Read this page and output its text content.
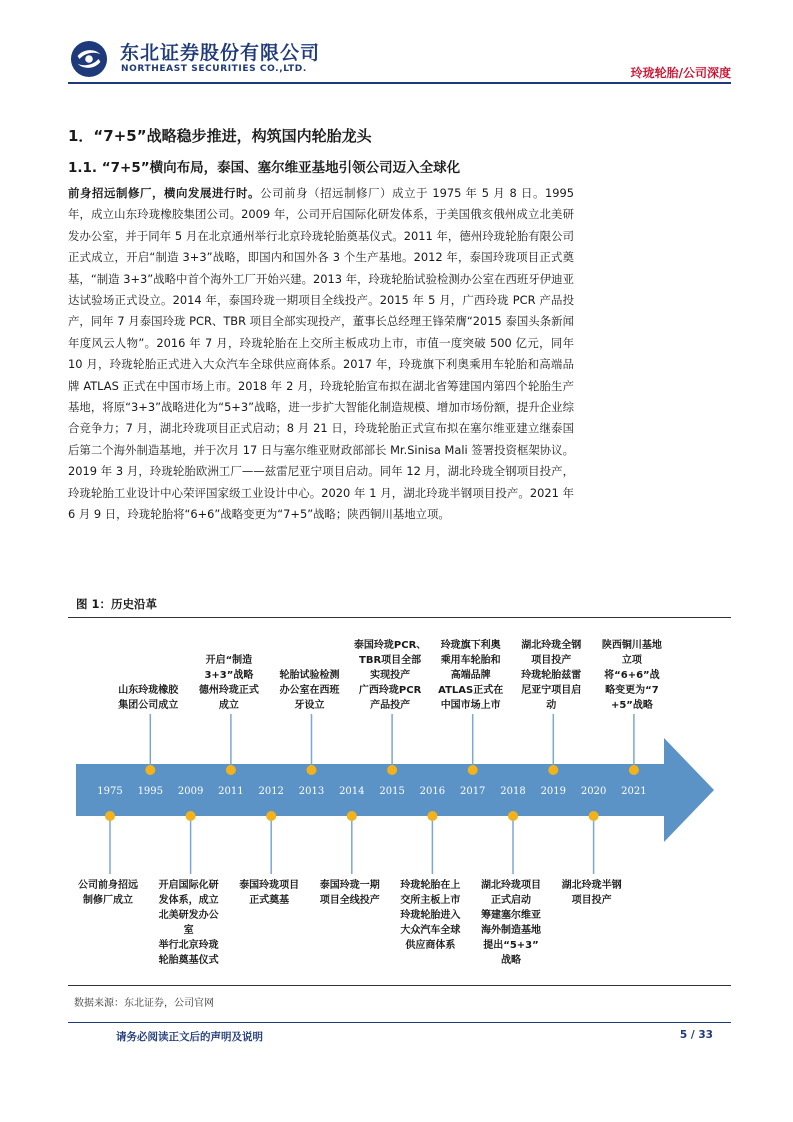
东北证券股份有限公司
NORTHEAST SECURITIES CO.,LTD.	玲珑轮胎/公司深度
1．“7+5”战略稳步推进，构筑国内轮胎龙头
1.1. “7+5”横向布局，泰国、塞尔维亚基地引领公司迈入全球化
前身招远制修厂，横向发展进行时。公司前身（招远制修厂）成立于 1975 年 5 月 8 日。1995 年，成立山东玲珑橡胶集团公司。2009 年，公司开启国际化研发体系，于美国俄亥俄州成立北美研发办公室，并于同年 5 月在北京通州举行北京玲珑轮胎奠基仪式。2011 年，德州玲珑轮胎有限公司正式成立，开启“制造 3+3”战略，即国内和国外各 3 个生产基地。2012 年，泰国玲珑项目正式奠基，“制造 3+3”战略中首个海外工厂开始兴建。2013 年，玲珑轮胎试验检测办公室在西班牙伊迪亚达试验场正式设立。2014 年，泰国玲珑一期项目全线投产。2015 年 5 月，广西玲珑 PCR 产品投产，同年 7 月泰国玲珑 PCR、TBR 项目全部实现投产，董事长总经理王锋荣膺“2015 泰国头条新闻年度风云人物”。2016 年 7 月，玲珑轮胎在上交所主板成功上市，市值一度突破 500 亿元，同年 10 月，玲珑轮胎正式进入大众汽车全球供应商体系。2017 年，玲珑旗下利奥乘用车轮胎和高端品牌 ATLAS 正式在中国市场上市。2018 年 2 月，玲珑轮胎宣布拟在湖北省筹建国内第四个轮胎生产基地，将原“3+3”战略进化为“5+3”战略，进一步扩大智能化制造规模、增加市场份额，提升企业综合竞争力；7 月，湖北玲珑项目正式启动；8 月 21 日，玲珑轮胎正式宣布拟在塞尔维亚建立继泰国后第二个海外制造基地，并于次月 17 日与塞尔维亚财政部部长 Mr.Sinisa Mali 签署投资框架协议。2019 年 3 月，玲珑轮胎欧洲工厂——兹雷尼亚宁项目启动。同年 12 月，湖北玲珑全钢项目投产，玲珑轮胎工业设计中心荣评国家级工业设计中心。2020 年 1 月，湖北玲珑半钢项目投产。2021 年 6 月 9 日，玲珑轮胎将“6+6”战略变更为“7+5”战略；陕西铜川基地立项。
图 1：历史沿革
1975 1995 2009 2011 2012 2013 2014 2015 2016 2017 2018 2019 2020 2021
山东玲珑橡胶
集团公司成立
开启“制造
3+3”战略
德州玲珑正式
成立
轮胎试验检测
办公室在西班
牙设立
泰国玲珑PCR、
TBR项目全部
实现投产
广西玲珑PCR
产品投产
玲珑旗下利奥
乘用车轮胎和
高端品牌
ATLAS正式在
中国市场上市
湖北玲珑全钢
项目投产
玲珑轮胎兹雷
尼亚宁项目启
动
陕西铜川基地
立项
将“6+6”战
略变更为“7
+5”战略
公司前身招远
制修厂成立
开启国际化研
发体系，成立
北美研发办公
室
举行北京玲珑
轮胎奠基仪式
泰国玲珑项目
正式奠基
泰国玲珑一期
项目全线投产
玲珑轮胎在上
交所主板上市
玲珑轮胎进入
大众汽车全球
供应商体系
湖北玲珑项目
正式启动
筹建塞尔维亚
海外制造基地
提出“5+3”
战略
湖北玲珑半钢
项目投产
数据来源：东北证券，公司官网
请务必阅读正文后的声明及说明	5 / 33
